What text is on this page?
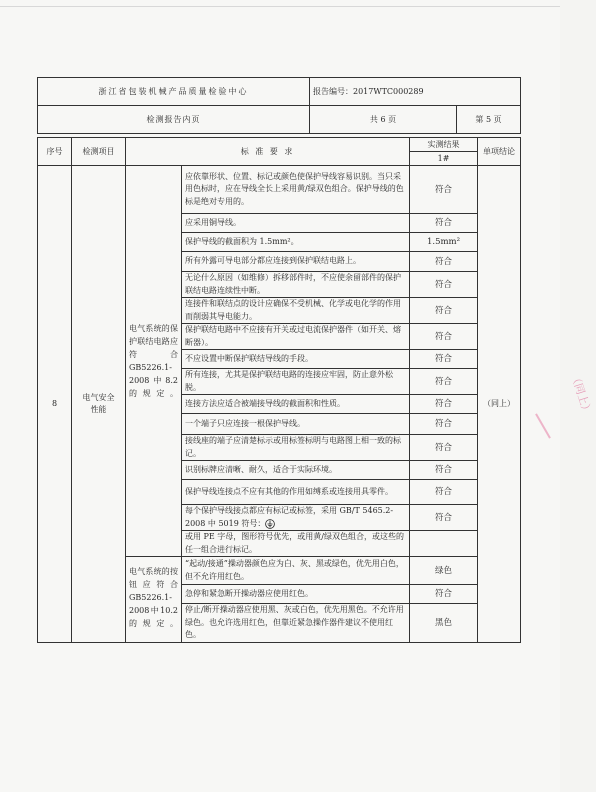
浙江省包装机械产品质量检验中心	报告编号：2017WTC000289	
检测报告内页	共 6 页	第 5 页
序号	检测项目	标 准 要 求		实测结果	单项结论
				1#	
8	电气安全性能	电气系统的保护联结电路应符合GB5226.1-2008中8.2的规定。	应依靠形状、位置、标记或颜色使保护导线容易识别。当只采用色标时，应在导线全长上采用黄/绿双色组合。保护导线的色标是绝对专用的。	符合	（同上）
			应采用铜导线。	符合	
			保护导线的截面积为 1.5mm²。	1.5mm²	
			所有外露可导电部分都应连接到保护联结电路上。	符合	
			无论什么原因（如维修）拆移部件时，不应使余留部件的保护联结电路连续性中断。	符合	
			连接件和联结点的设计应确保不受机械、化学或电化学的作用而削弱其导电能力。	符合	
			保护联结电路中不应接有开关或过电流保护器件（如开关、熔断器）。	符合	
			不应设置中断保护联结导线的手段。	符合	
			所有连接，尤其是保护联结电路的连接应牢固，防止意外松脱。	符合	
			连接方法应适合被端接导线的截面积和性质。	符合	
			一个端子只应连接一根保护导线。	符合	
			接线座的端子应清楚标示或用标签标明与电路图上相一致的标记。	符合	
			识别标牌应清晰、耐久，适合于实际环境。	符合	
			保护导线连接点不应有其他的作用如缚系或连接用具零件。	符合	
			每个保护导线接点都应有标记或标签，采用 GB/T 5465.2-2008 中 5019 符号：	符合	
			或用 PE 字母，图形符号优先，或用黄/绿双色组合，或这些的任一组合进行标记。		
		电气系统的按钮应符合GB5226.1-2008中10.2的规定。	“起动/接通”操动器颜色应为白、灰、黑或绿色，优先用白色，但不允许用红色。	绿色	
			急停和紧急断开操动器应使用红色。	符合	
			停止/断开操动器应使用黑、灰或白色，优先用黑色。不允许用绿色。也允许选用红色，但靠近紧急操作器件建议不使用红色。	黑色	
（同上）
